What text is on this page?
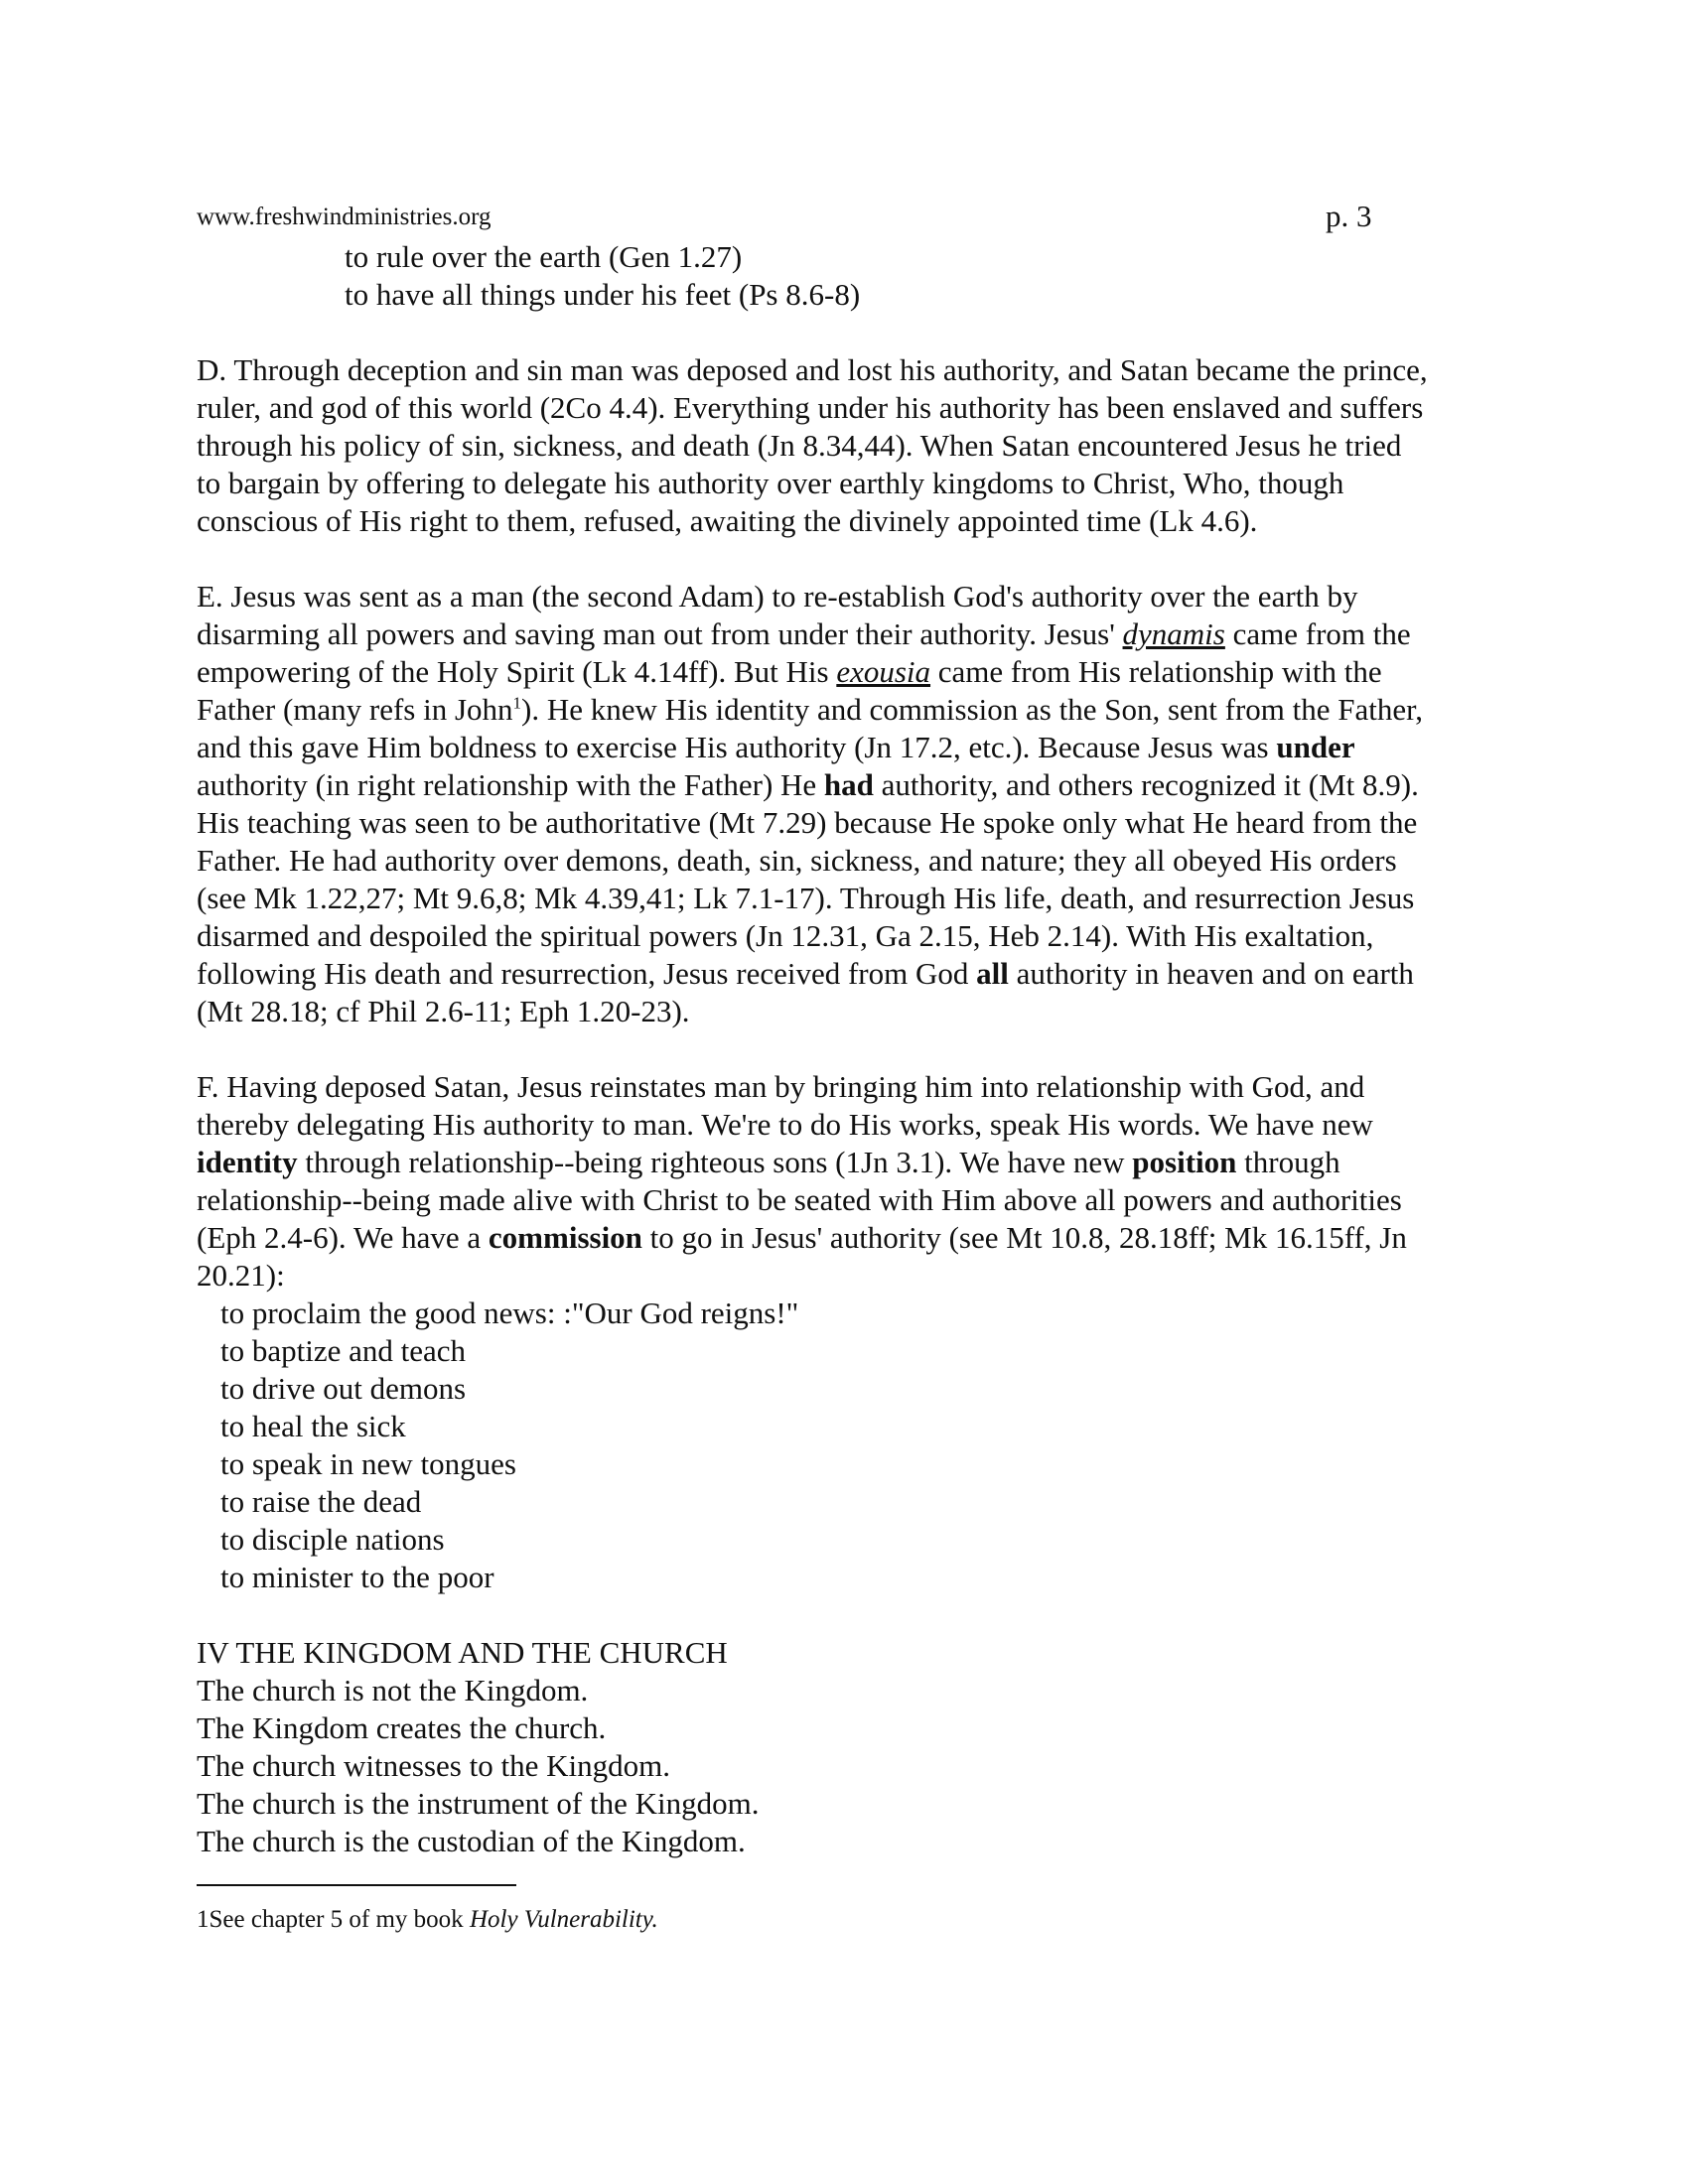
www.freshwindministries.org	p. 3
to rule over the earth (Gen 1.27)
to have all things under his feet (Ps 8.6-8)
D. Through deception and sin man was deposed and lost his authority, and Satan became the prince,
ruler, and god of this world (2Co 4.4). Everything under his authority has been enslaved and suffers
through his policy of sin, sickness, and death (Jn 8.34,44). When Satan encountered Jesus he tried
to bargain by offering to delegate his authority over earthly kingdoms to Christ, Who, though
conscious of His right to them, refused, awaiting the divinely appointed time (Lk 4.6).
E. Jesus was sent as a man (the second Adam) to re-establish God's authority over the earth by
disarming all powers and saving man out from under their authority. Jesus' dynamis came from the
empowering of the Holy Spirit (Lk 4.14ff). But His exousia came from His relationship with the
Father (many refs in John$^1$). He knew His identity and commission as the Son, sent from the Father,
and this gave Him boldness to exercise His authority (Jn 17.2, etc.). Because Jesus was under
authority (in right relationship with the Father) He had authority, and others recognized it (Mt 8.9).
His teaching was seen to be authoritative (Mt 7.29) because He spoke only what He heard from the
Father. He had authority over demons, death, sin, sickness, and nature; they all obeyed His orders
(see Mk 1.22,27; Mt 9.6,8; Mk 4.39,41; Lk 7.1-17). Through His life, death, and resurrection Jesus
disarmed and despoiled the spiritual powers (Jn 12.31, Ga 2.15, Heb 2.14). With His exaltation,
following His death and resurrection, Jesus received from God all authority in heaven and on earth
(Mt 28.18; cf Phil 2.6-11; Eph 1.20-23).
F. Having deposed Satan, Jesus reinstates man by bringing him into relationship with God, and
thereby delegating His authority to man. We're to do His works, speak His words. We have new
identity through relationship--being righteous sons (1Jn 3.1). We have new position through
relationship--being made alive with Christ to be seated with Him above all powers and authorities
(Eph 2.4-6). We have a commission to go in Jesus' authority (see Mt 10.8, 28.18ff; Mk 16.15ff, Jn
20.21):
to proclaim the good news: :"Our God reigns!"
to baptize and teach
to drive out demons
to heal the sick
to speak in new tongues
to raise the dead
to disciple nations
to minister to the poor
IV THE KINGDOM AND THE CHURCH
The church is not the Kingdom.
The Kingdom creates the church.
The church witnesses to the Kingdom.
The church is the instrument of the Kingdom.
The church is the custodian of the Kingdom.
1See chapter 5 of my book Holy Vulnerability.
